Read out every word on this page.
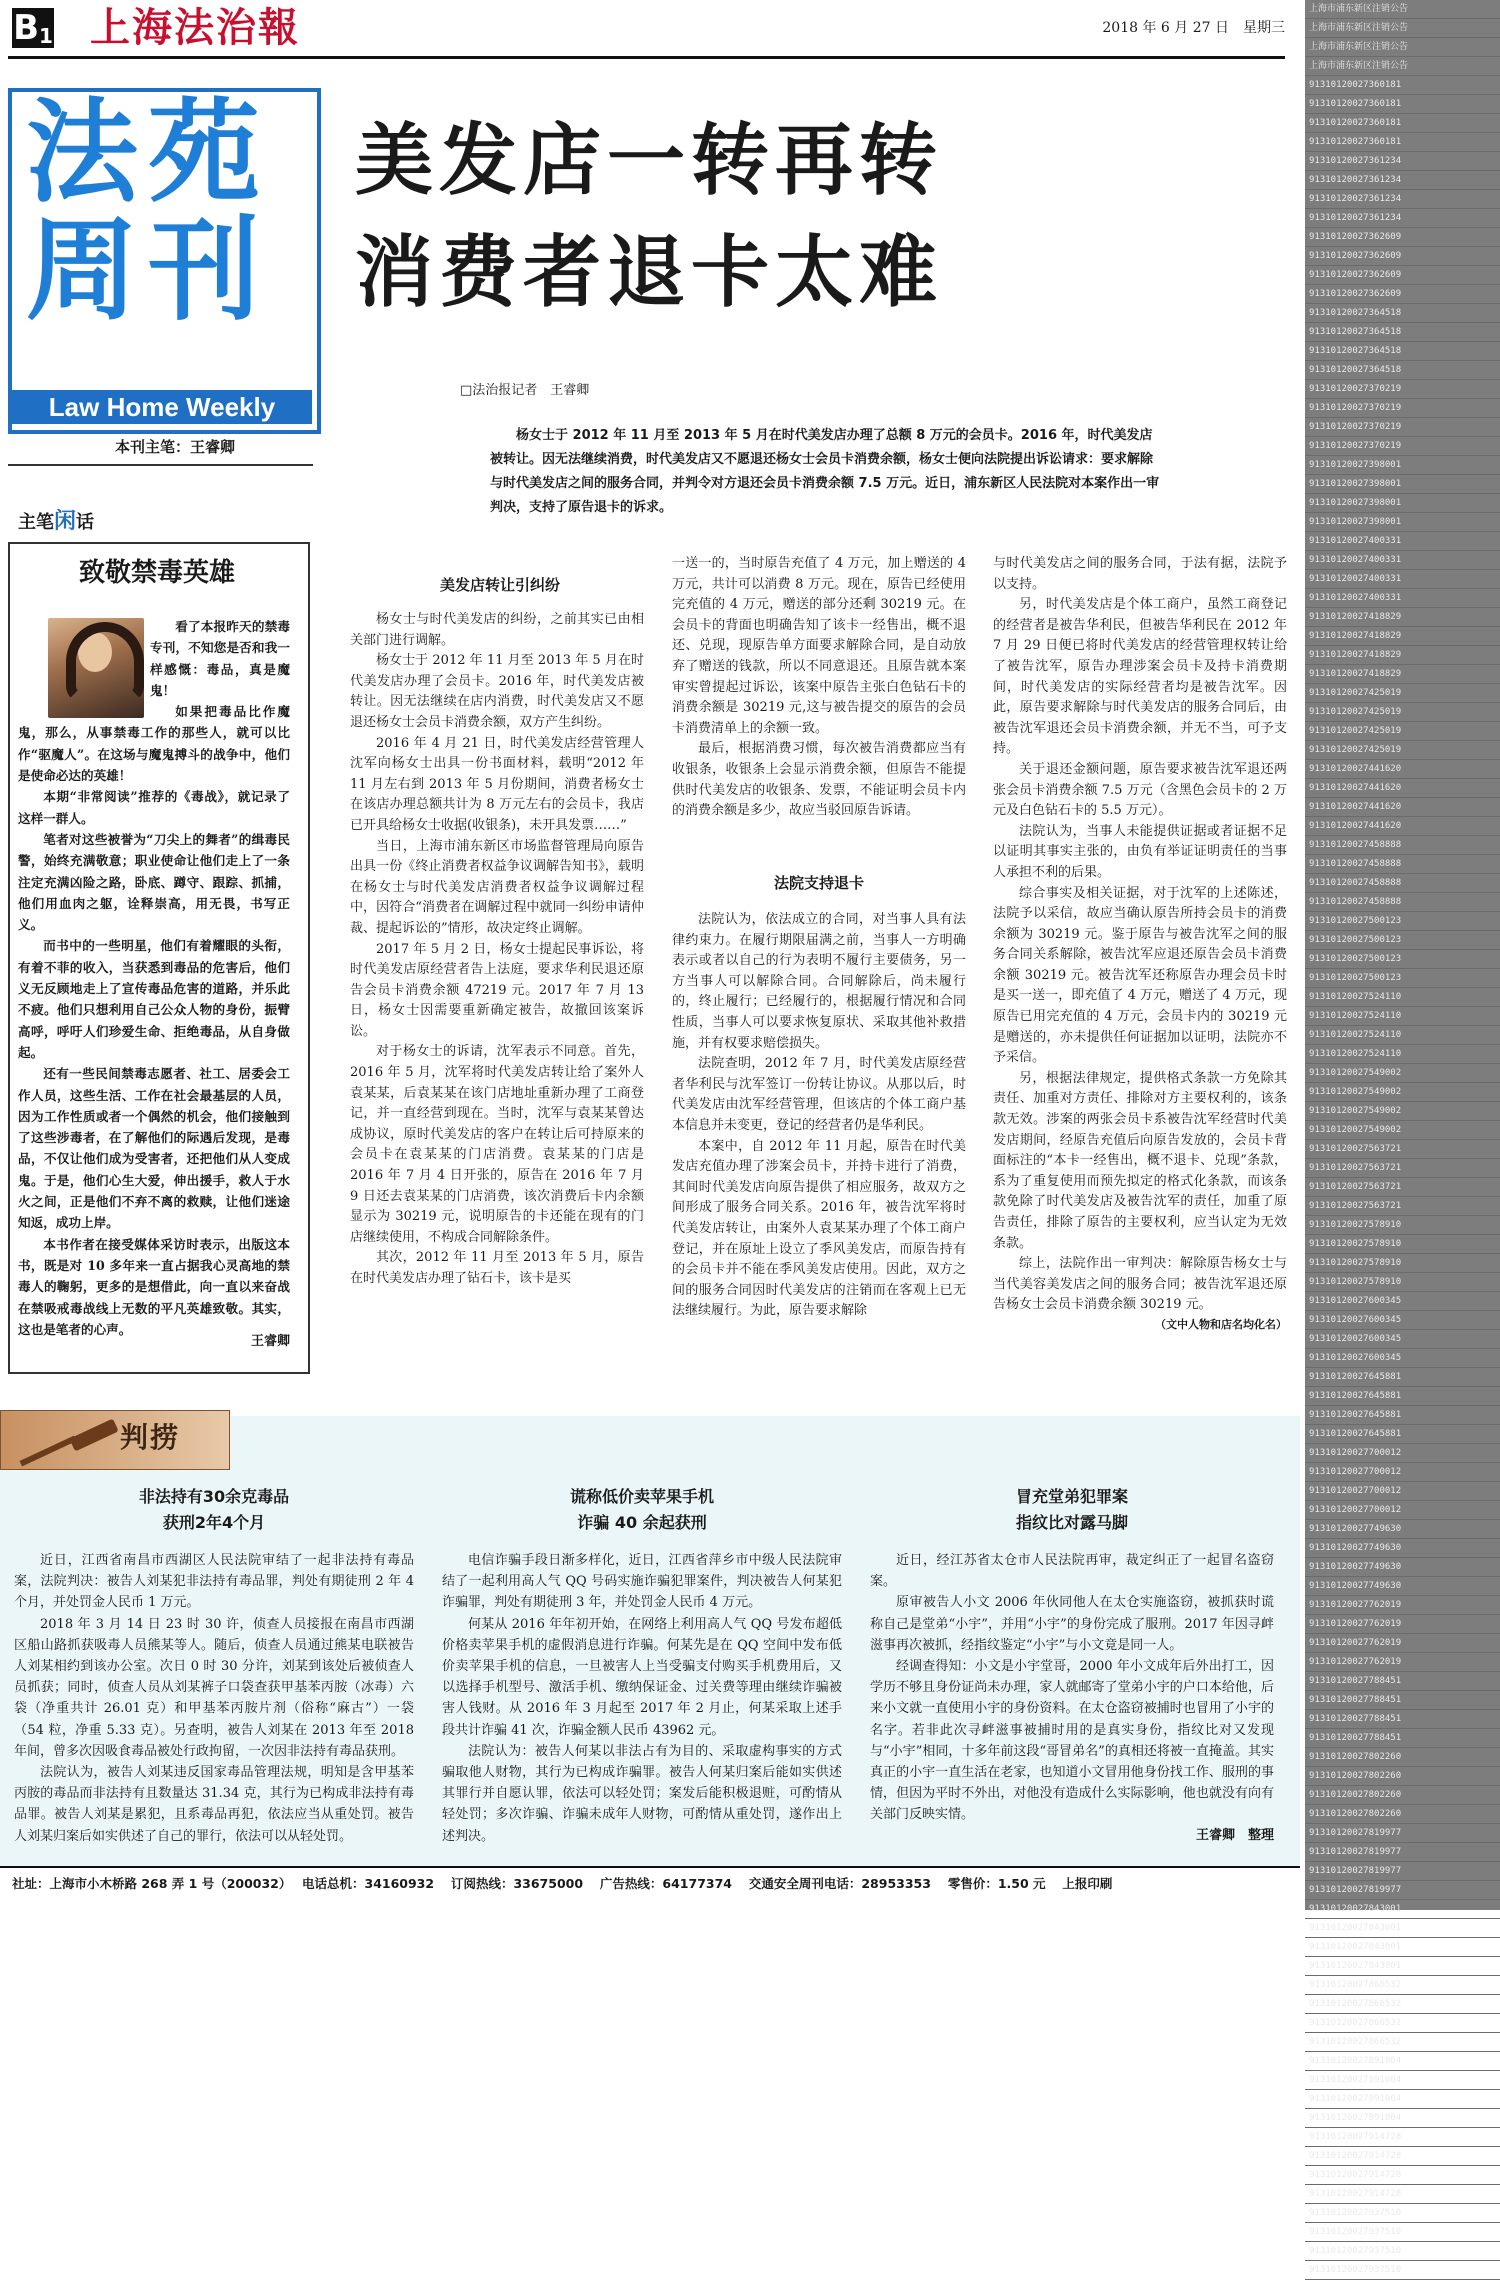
B1 上海法治報	2018 年 6 月 27 日　 星期三
上海市浦东新区注销公告
上海市浦东新区注销公告
上海市浦东新区注销公告
上海市浦东新区注销公告
91310120027360181
91310120027360181
91310120027360181
91310120027360181
91310120027361234
91310120027361234
91310120027361234
91310120027361234
91310120027362609
91310120027362609
91310120027362609
91310120027362609
91310120027364518
91310120027364518
91310120027364518
91310120027364518
91310120027370219
91310120027370219
91310120027370219
91310120027370219
91310120027398001
91310120027398001
91310120027398001
91310120027398001
91310120027400331
91310120027400331
91310120027400331
91310120027400331
91310120027418829
91310120027418829
91310120027418829
91310120027418829
91310120027425019
91310120027425019
91310120027425019
91310120027425019
91310120027441620
91310120027441620
91310120027441620
91310120027441620
91310120027458888
91310120027458888
91310120027458888
91310120027458888
91310120027500123
91310120027500123
91310120027500123
91310120027500123
91310120027524110
91310120027524110
91310120027524110
91310120027524110
91310120027549002
91310120027549002
91310120027549002
91310120027549002
91310120027563721
91310120027563721
91310120027563721
91310120027563721
91310120027578910
91310120027578910
91310120027578910
91310120027578910
91310120027600345
91310120027600345
91310120027600345
91310120027600345
91310120027645881
91310120027645881
91310120027645881
91310120027645881
91310120027700012
91310120027700012
91310120027700012
91310120027700012
91310120027749630
91310120027749630
91310120027749630
91310120027749630
91310120027762019
91310120027762019
91310120027762019
91310120027762019
91310120027788451
91310120027788451
91310120027788451
91310120027788451
91310120027802260
91310120027802260
91310120027802260
91310120027802260
91310120027819977
91310120027819977
91310120027819977
91310120027819977
91310120027843001
91310120027843001
91310120027843001
91310120027843001
91310120027866532
91310120027866532
91310120027866532
91310120027866532
91310120027891004
91310120027891004
91310120027891004
91310120027891004
91310120027914728
91310120027914728
91310120027914728
91310120027914728
91310120027937510
91310120027937510
91310120027937510
91310120027937510
法苑
周刊
Law Home Weekly
本刊主笔：王睿卿
美发店一转再转
消费者退卡太难
□法治报记者　王睿卿
杨女士于 2012 年 11 月至 2013 年 5 月在时代美发店办理了总额 8 万元的会员卡。2016 年，时代美发店被转让。因无法继续消费，时代美发店又不愿退还杨女士会员卡消费余额，杨女士便向法院提出诉讼请求：要求解除与时代美发店之间的服务合同，并判令对方退还会员卡消费余额 7.5 万元。近日，浦东新区人民法院对本案作出一审判决，支持了原告退卡的诉求。
主笔闲话
致敬禁毒英雄

看了本报昨天的禁毒专刊，不知您是否和我一样感慨：毒品，真是魔鬼！

如果把毒品比作魔鬼，那么，从事禁毒工作的那些人，就可以比作“驱魔人”。在这场与魔鬼搏斗的战争中，他们是使命必达的英雄！

本期“非常阅读”推荐的《毒战》，就记录了这样一群人。

笔者对这些被誉为“刀尖上的舞者”的缉毒民警，始终充满敬意；职业使命让他们走上了一条注定充满凶险之路，卧底、蹲守、跟踪、抓捕，他们用血肉之躯，诠释崇高，用无畏，书写正义。

而书中的一些明星，他们有着耀眼的头衔，有着不菲的收入，当获悉到毒品的危害后，他们义无反顾地走上了宣传毒品危害的道路，并乐此不疲。他们只想利用自己公众人物的身份，振臂高呼，呼吁人们珍爱生命、拒绝毒品，从自身做起。

还有一些民间禁毒志愿者、社工、居委会工作人员，这些生活、工作在社会最基层的人员，因为工作性质或者一个偶然的机会，他们接触到了这些涉毒者，在了解他们的际遇后发现，是毒品，不仅让他们成为受害者，还把他们从人变成鬼。于是，他们心生大爱，伸出援手，救人于水火之间，正是他们不弃不离的救赎，让他们迷途知返，成功上岸。

本书作者在接受媒体采访时表示，出版这本书，既是对 10 多年来一直占据我心灵高地的禁毒人的鞠躬，更多的是想借此，向一直以来奋战在禁吸戒毒战线上无数的平凡英雄致敬。其实，这也是笔者的心声。

王睿卿
美发店转让引纠纷

杨女士与时代美发店的纠纷，之前其实已由相关部门进行调解。

杨女士于 2012 年 11 月至 2013 年 5 月在时代美发店办理了会员卡。2016 年，时代美发店被转让。因无法继续在店内消费，时代美发店又不愿退还杨女士会员卡消费余额，双方产生纠纷。

2016 年 4 月 21 日，时代美发店经营管理人沈军向杨女士出具一份书面材料，载明“2012 年 11 月左右到 2013 年 5 月份期间，消费者杨女士在该店办理总额共计为 8 万元左右的会员卡，我店已开具给杨女士收据(收银条)，未开具发票……”

当日，上海市浦东新区市场监督管理局向原告出具一份《终止消费者权益争议调解告知书》，载明在杨女士与时代美发店消费者权益争议调解过程中，因符合“消费者在调解过程中就同一纠纷申请仲裁、提起诉讼的”情形，故决定终止调解。

2017 年 5 月 2 日，杨女士提起民事诉讼，将时代美发店原经营者告上法庭，要求华利民退还原告会员卡消费余额 47219 元。2017 年 7 月 13 日，杨女士因需要重新确定被告，故撤回该案诉讼。

对于杨女士的诉请，沈军表示不同意。首先，2016 年 5 月，沈军将时代美发店转让给了案外人袁某某，后袁某某在该门店地址重新办理了工商登记，并一直经营到现在。当时，沈军与袁某某曾达成协议，原时代美发店的客户在转让后可持原来的会员卡在袁某某的门店消费。袁某某的门店是 2016 年 7 月 4 日开张的，原告在 2016 年 7 月 9 日还去袁某某的门店消费，该次消费后卡内余额显示为 30219 元，说明原告的卡还能在现有的门店继续使用，不构成合同解除条件。

其次，2012 年 11 月至 2013 年 5 月，原告在时代美发店办理了钻石卡，该卡是买

一送一的，当时原告充值了 4 万元，加上赠送的 4 万元，共计可以消费 8 万元。现在，原告已经使用完充值的 4 万元，赠送的部分还剩 30219 元。在会员卡的背面也明确告知了该卡一经售出，概不退还、兑现，现原告单方面要求解除合同，是自动放弃了赠送的钱款，所以不同意退还。且原告就本案审实曾提起过诉讼，该案中原告主张白色钻石卡的消费余额是 30219 元,这与被告提交的原告的会员卡消费清单上的余额一致。

最后，根据消费习惯，每次被告消费都应当有收银条，收银条上会显示消费余额，但原告不能提供时代美发店的收银条、发票，不能证明会员卡内的消费余额是多少，故应当驳回原告诉请。

法院支持退卡

法院认为，依法成立的合同，对当事人具有法律约束力。在履行期限届满之前，当事人一方明确表示或者以自己的行为表明不履行主要债务，另一方当事人可以解除合同。合同解除后，尚未履行的，终止履行；已经履行的，根据履行情况和合同性质，当事人可以要求恢复原状、采取其他补救措施，并有权要求赔偿损失。

法院查明，2012 年 7 月，时代美发店原经营者华利民与沈军签订一份转让协议。从那以后，时代美发店由沈军经营管理，但该店的个体工商户基本信息并未变更，登记的经营者仍是华利民。

本案中，自 2012 年 11 月起，原告在时代美发店充值办理了涉案会员卡，并持卡进行了消费，其间时代美发店向原告提供了相应服务，故双方之间形成了服务合同关系。2016 年，被告沈军将时代美发店转让，由案外人袁某某办理了个体工商户登记，并在原址上设立了季风美发店，而原告持有的会员卡并不能在季风美发店使用。因此，双方之间的服务合同因时代美发店的注销而在客观上已无法继续履行。为此，原告要求解除

与时代美发店之间的服务合同，于法有据，法院予以支持。

另，时代美发店是个体工商户，虽然工商登记的经营者是被告华利民，但被告华利民在 2012 年 7 月 29 日便已将时代美发店的经营管理权转让给了被告沈军，原告办理涉案会员卡及持卡消费期间，时代美发店的实际经营者均是被告沈军。因此，原告要求解除与时代美发店的服务合同后，由被告沈军退还会员卡消费余额，并无不当，可予支持。

关于退还金额问题，原告要求被告沈军退还两张会员卡消费余额 7.5 万元（含黑色会员卡的 2 万元及白色钻石卡的 5.5 万元）。

法院认为，当事人未能提供证据或者证据不足以证明其事实主张的，由负有举证证明责任的当事人承担不利的后果。

综合事实及相关证据，对于沈军的上述陈述，法院予以采信，故应当确认原告所持会员卡的消费余额为 30219 元。鉴于原告与被告沈军之间的服务合同关系解除，被告沈军应退还原告会员卡消费余额 30219 元。被告沈军还称原告办理会员卡时是买一送一，即充值了 4 万元，赠送了 4 万元，现原告已用完充值的 4 万元，会员卡内的 30219 元是赠送的，亦未提供任何证据加以证明，法院亦不予采信。

另，根据法律规定，提供格式条款一方免除其责任、加重对方责任、排除对方主要权利的，该条款无效。涉案的两张会员卡系被告沈军经营时代美发店期间，经原告充值后向原告发放的，会员卡背面标注的“本卡一经售出，概不退卡、兑现”条款，系为了重复使用而预先拟定的格式化条款，而该条款免除了时代美发店及被告沈军的责任，加重了原告责任，排除了原告的主要权利，应当认定为无效条款。

综上，法院作出一审判决：解除原告杨女士与当代美容美发店之间的服务合同；被告沈军退还原告杨女士会员卡消费余额 30219 元。

（文中人物和店名均化名）
判捞
非法持有30余克毒品
获刑2年4个月

近日，江西省南昌市西湖区人民法院审结了一起非法持有毒品案，法院判决：被告人刘某犯非法持有毒品罪，判处有期徒刑 2 年 4 个月，并处罚金人民币 1 万元。

2018 年 3 月 14 日 23 时 30 许，侦查人员接报在南昌市西湖区船山路抓获吸毒人员熊某等人。随后，侦查人员通过熊某电联被告人刘某相约到该办公室。次日 0 时 30 分许，刘某到该处后被侦查人员抓获；同时，侦查人员从刘某裤子口袋查获甲基苯丙胺（冰毒）六袋（净重共计 26.01 克）和甲基苯丙胺片剂（俗称“麻古”）一袋（54 粒，净重 5.33 克）。另查明，被告人刘某在 2013 年至 2018 年间，曾多次因吸食毒品被处行政拘留，一次因非法持有毒品获刑。

法院认为，被告人刘某违反国家毒品管理法规，明知是含甲基苯丙胺的毒品而非法持有且数量达 31.34 克，其行为已构成非法持有毒品罪。被告人刘某是累犯，且系毒品再犯，依法应当从重处罚。被告人刘某归案后如实供述了自己的罪行，依法可以从轻处罚。

谎称低价卖苹果手机
诈骗 40 余起获刑

电信诈骗手段日渐多样化，近日，江西省萍乡市中级人民法院审结了一起利用高人气 QQ 号码实施诈骗犯罪案件，判决被告人何某犯诈骗罪，判处有期徒刑 3 年，并处罚金人民币 4 万元。

何某从 2016 年年初开始，在网络上利用高人气 QQ 号发布超低价格卖苹果手机的虚假消息进行诈骗。何某先是在 QQ 空间中发布低价卖苹果手机的信息，一旦被害人上当受骗支付购买手机费用后，又以选择手机型号、激活手机、缴纳保证金、过关费等理由继续诈骗被害人钱财。从 2016 年 3 月起至 2017 年 2 月止，何某采取上述手段共计诈骗 41 次，诈骗金额人民币 43962 元。

法院认为：被告人何某以非法占有为目的、采取虚构事实的方式骗取他人财物，其行为已构成诈骗罪。被告人何某归案后能如实供述其罪行并自愿认罪，依法可以轻处罚；案发后能积极退赃，可酌情从轻处罚；多次诈骗、诈骗未成年人财物，可酌情从重处罚，遂作出上述判决。

冒充堂弟犯罪案
指纹比对露马脚

近日，经江苏省太仓市人民法院再审，裁定纠正了一起冒名盗窃案。

原审被告人小文 2006 年伙同他人在太仓实施盗窃，被抓获时谎称自己是堂弟“小宇”，并用“小宇”的身份完成了服刑。2017 年因寻衅滋事再次被抓，经指纹鉴定“小宇”与小文竟是同一人。

经调查得知：小文是小宇堂哥，2000 年小文成年后外出打工，因学历不够且身份证尚未办理，家人就邮寄了堂弟小宇的户口本给他，后来小文就一直使用小宇的身份资料。在太仓盗窃被捕时也冒用了小宇的名字。若非此次寻衅滋事被捕时用的是真实身份，指纹比对又发现与“小宇”相同，十多年前这段“哥冒弟名”的真相还将被一直掩盖。其实真正的小宇一直生活在老家，也知道小文冒用他身份找工作、服刑的事情，但因为平时不外出，对他没有造成什么实际影响，他也就没有向有关部门反映实情。

王睿卿　整理
社址：上海市小木桥路 268 弄 1 号（200032）　 电话总机：34160932　 订阅热线：33675000　 广告热线：64177374　 交通安全周刊电话：28953353　 零售价：1.50 元　 上报印刷
